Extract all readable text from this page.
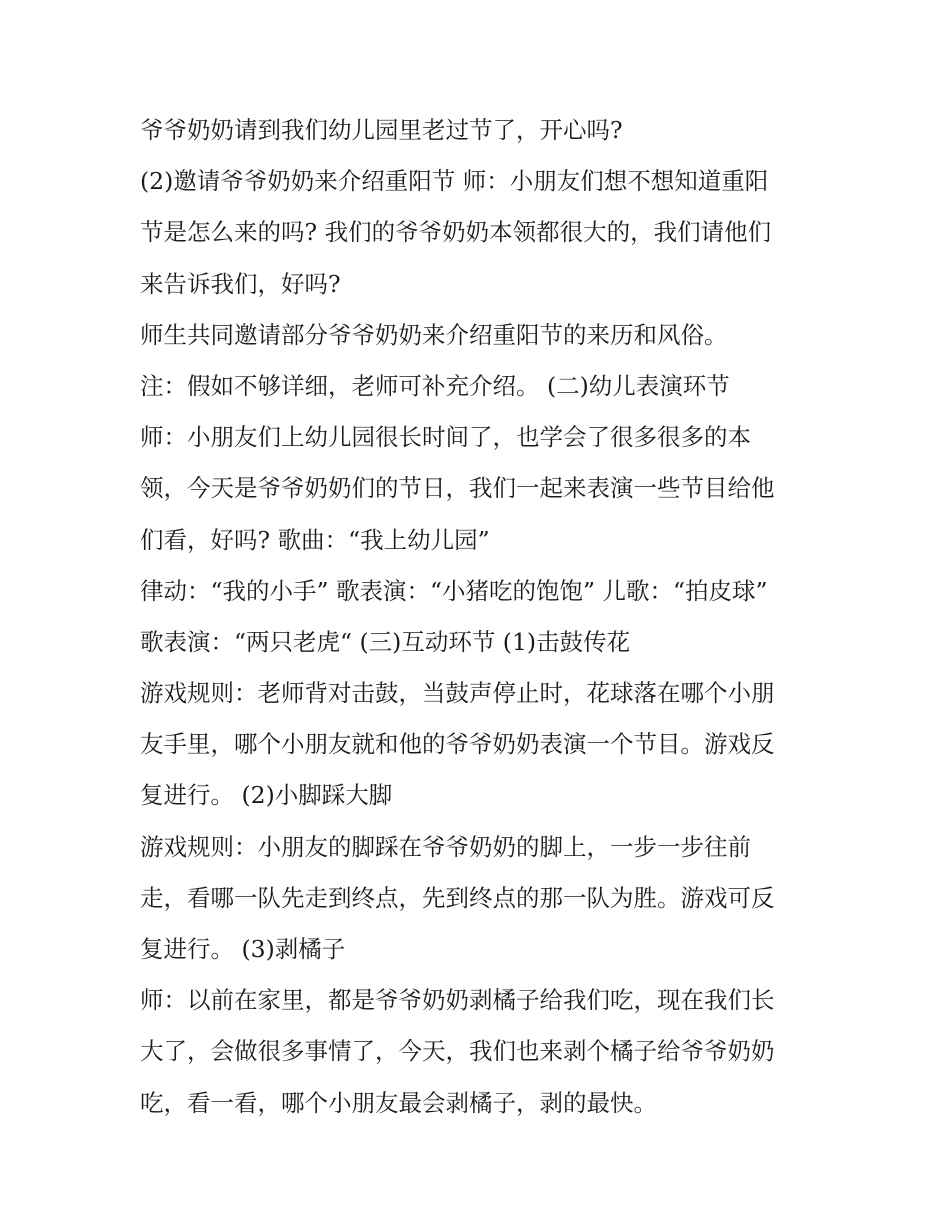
爷爷奶奶请到我们幼儿园里老过节了，开心吗?
(2)邀请爷爷奶奶来介绍重阳节 师：小朋友们想不想知道重阳
节是怎么来的吗? 我们的爷爷奶奶本领都很大的，我们请他们
来告诉我们，好吗?
师生共同邀请部分爷爷奶奶来介绍重阳节的来历和风俗。
注：假如不够详细，老师可补充介绍。 (二)幼儿表演环节
师：小朋友们上幼儿园很长时间了，也学会了很多很多的本
领，今天是爷爷奶奶们的节日，我们一起来表演一些节目给他
们看，好吗? 歌曲：“我上幼儿园”
律动：“我的小手” 歌表演：“小猪吃的饱饱” 儿歌：“拍皮球”
歌表演：“两只老虎“ (三)互动环节 (1)击鼓传花
游戏规则：老师背对击鼓，当鼓声停止时，花球落在哪个小朋
友手里，哪个小朋友就和他的爷爷奶奶表演一个节目。游戏反
复进行。 (2)小脚踩大脚
游戏规则：小朋友的脚踩在爷爷奶奶的脚上，一步一步往前
走，看哪一队先走到终点，先到终点的那一队为胜。游戏可反
复进行。 (3)剥橘子
师：以前在家里，都是爷爷奶奶剥橘子给我们吃，现在我们长
大了，会做很多事情了，今天，我们也来剥个橘子给爷爷奶奶
吃，看一看，哪个小朋友最会剥橘子，剥的最快。
